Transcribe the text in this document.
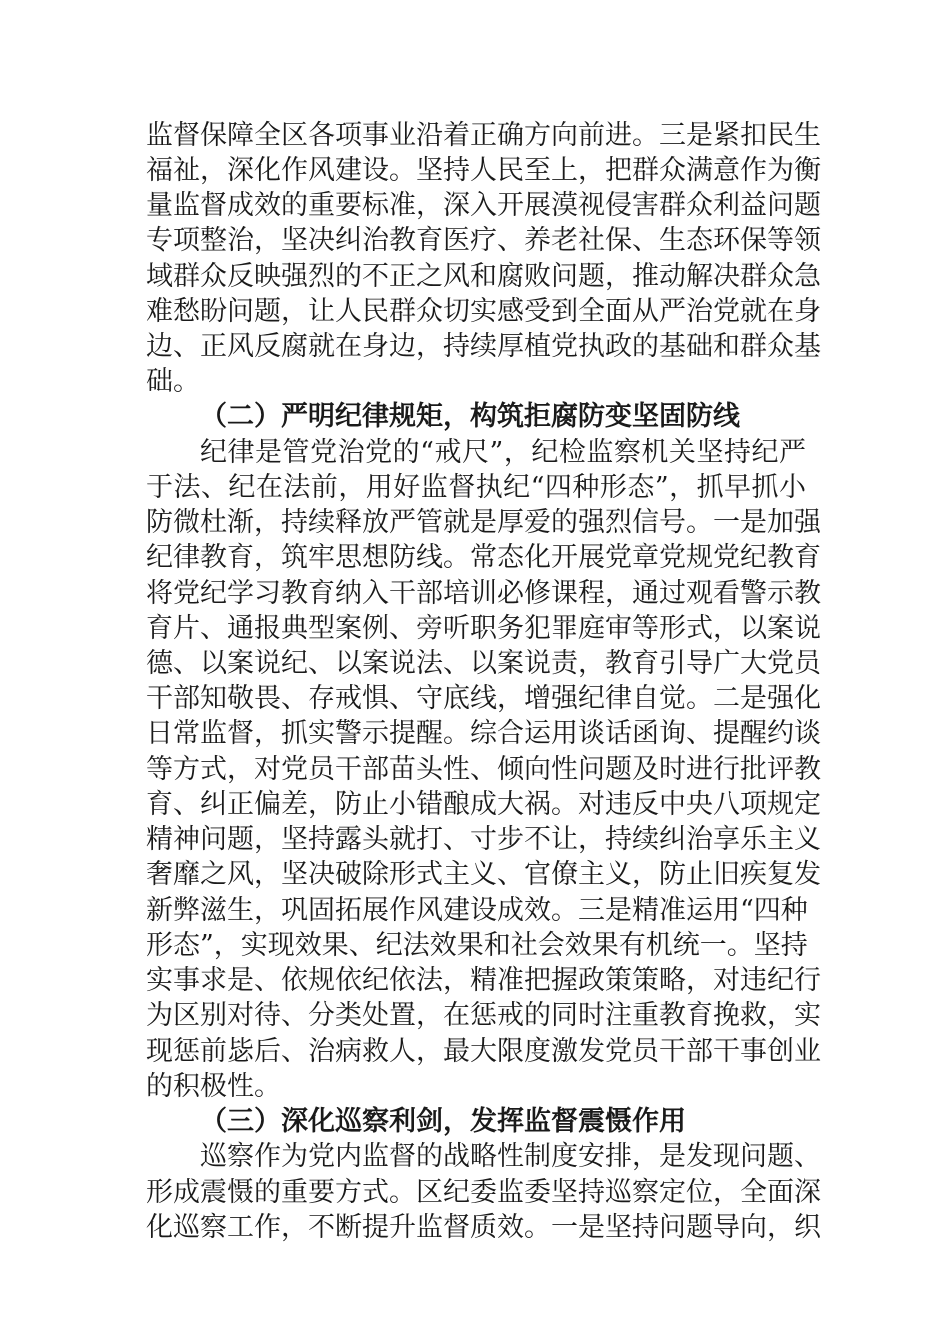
监督保障全区各项事业沿着正确方向前进。三是紧扣民生
福祉，深化作风建设。坚持人民至上，把群众满意作为衡
量监督成效的重要标准，深入开展漠视侵害群众利益问题
专项整治，坚决纠治教育医疗、养老社保、生态环保等领
域群众反映强烈的不正之风和腐败问题，推动解决群众急
难愁盼问题，让人民群众切实感受到全面从严治党就在身
边、正风反腐就在身边，持续厚植党执政的基础和群众基
础。
（二）严明纪律规矩，构筑拒腐防变坚固防线
纪律是管党治党的“戒尺”，纪检监察机关坚持纪严
于法、纪在法前，用好监督执纪“四种形态”，抓早抓小
防微杜渐，持续释放严管就是厚爱的强烈信号。一是加强
纪律教育，筑牢思想防线。常态化开展党章党规党纪教育
将党纪学习教育纳入干部培训必修课程，通过观看警示教
育片、通报典型案例、旁听职务犯罪庭审等形式，以案说
德、以案说纪、以案说法、以案说责，教育引导广大党员
干部知敬畏、存戒惧、守底线，增强纪律自觉。二是强化
日常监督，抓实警示提醒。综合运用谈话函询、提醒约谈
等方式，对党员干部苗头性、倾向性问题及时进行批评教
育、纠正偏差，防止小错酿成大祸。对违反中央八项规定
精神问题，坚持露头就打、寸步不让，持续纠治享乐主义
奢靡之风，坚决破除形式主义、官僚主义，防止旧疾复发
新弊滋生，巩固拓展作风建设成效。三是精准运用“四种
形态”，实现效果、纪法效果和社会效果有机统一。坚持
实事求是、依规依纪依法，精准把握政策策略，对违纪行
为区别对待、分类处置，在惩戒的同时注重教育挽救，实
现惩前毖后、治病救人，最大限度激发党员干部干事创业
的积极性。
（三）深化巡察利剑，发挥监督震慑作用
巡察作为党内监督的战略性制度安排，是发现问题、
形成震慑的重要方式。区纪委监委坚持巡察定位，全面深
化巡察工作，不断提升监督质效。一是坚持问题导向，织
